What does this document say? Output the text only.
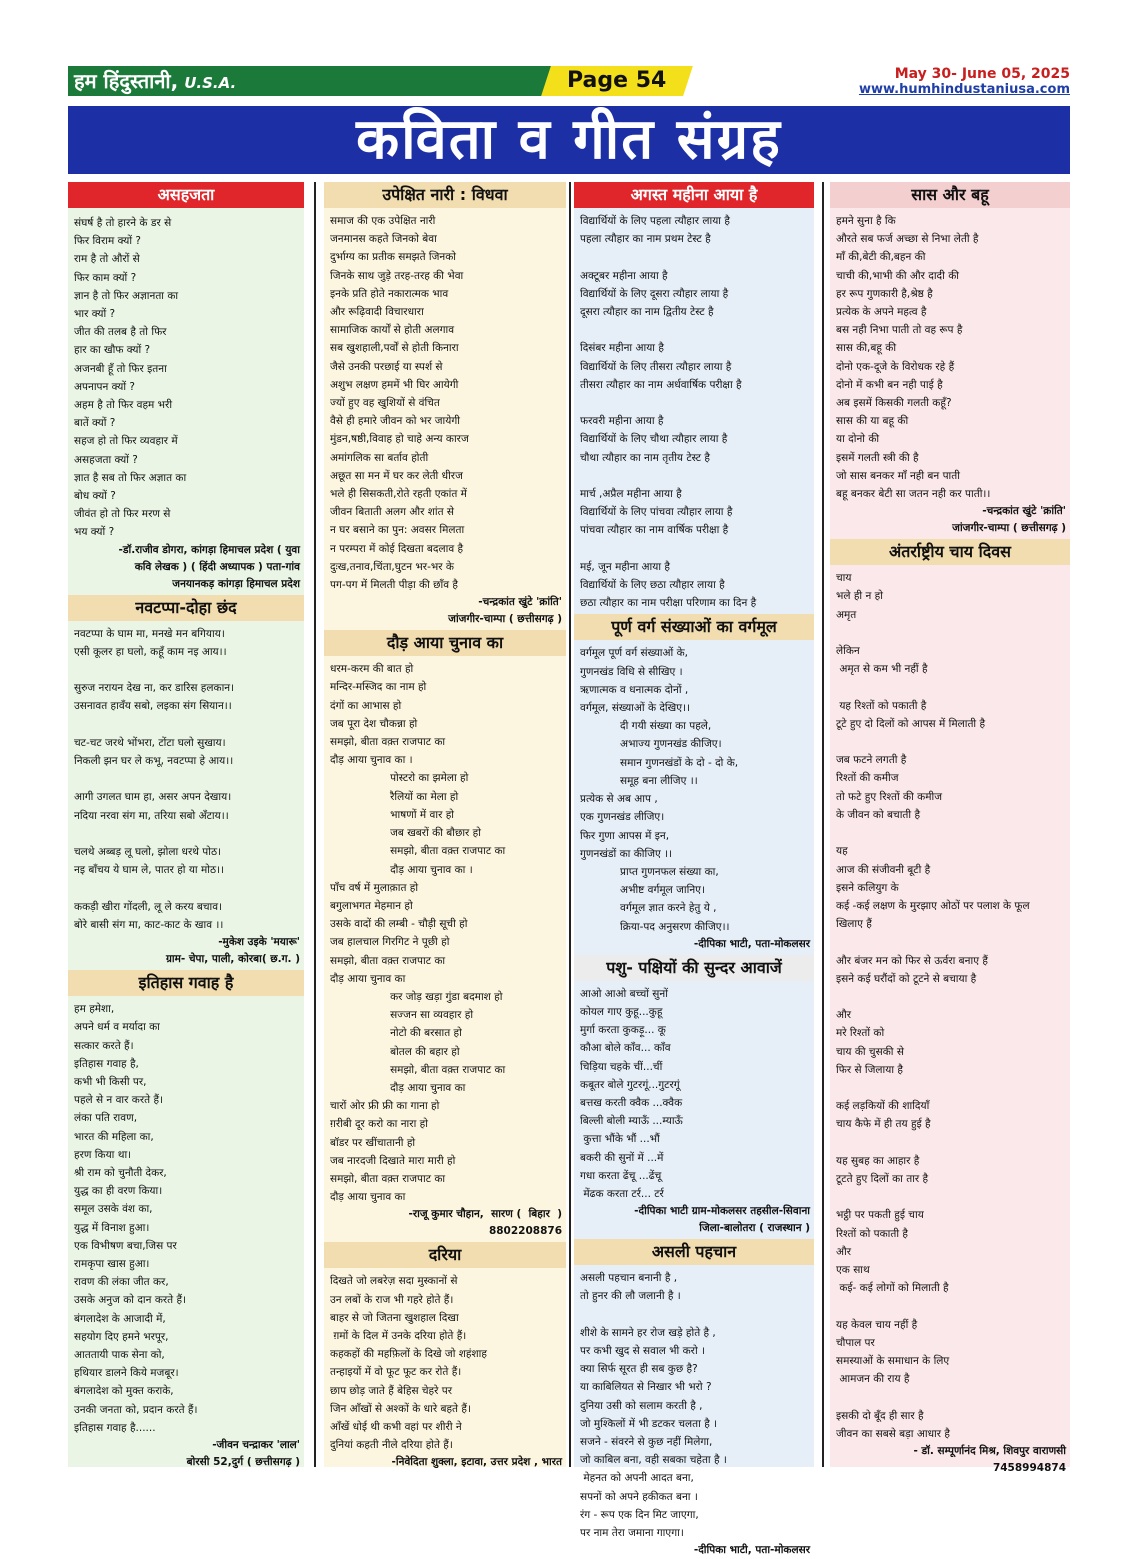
हम हिंदुस्तानी, U.S.A.	Page 54	May 30- June 05, 2025
www.humhindustaniusa.com
कविता व गीत संग्रह
असहजता
संघर्ष है तो हारने के डर से
फिर विराम क्यों ?
राम है तो औरों से
फिर काम क्यों ?
ज्ञान है तो फिर अज्ञानता का
भार क्यों ?
जीत की तलब है तो फिर
हार का खौफ क्यों ?
अजनबी हूँ तो फिर इतना
अपनापन क्यों ?
अहम है तो फिर वहम भरी
बातें क्यों ?
सहज हो तो फिर व्यवहार में
असहजता क्यों ?
ज्ञात है सब तो फिर अज्ञात का
बोध क्यों ?
जीवंत हो तो फिर मरण से
भय क्यों ?
-डॉ.राजीव डोगरा, कांगड़ा हिमाचल प्रदेश ( युवा
कवि लेखक ) ( हिंदी अध्यापक ) पता-गांव
जनयानकड़ कांगड़ा हिमाचल प्रदेश
नवटप्पा-दोहा छंद
नवटप्पा के घाम मा, मनखे मन बगियाय।
एसी कूलर हा घलो, कहूँ काम नइ आय।।

सुरुज नरायन देख ना, कर डारिस हलकान।
उसनावत हावँय सबो, लइका संग सियान।।

चट-चट जरथे भोंभरा, टोंटा घलो सुखाय।
निकली झन घर ले कभू, नवटप्पा हे आय।।

आगी उगलत घाम हा, असर अपन देखाय।
नदिया नरवा संग मा, तरिया सबो अँटाय।।

चलथे अब्बड़ लू घलो, झोला धरथे पोठ।
नइ बाँचय ये घाम ले, पातर हो या मोठ।।

ककड़ी खीरा गोंदली, लू ले करय बचाव।
बोरे बासी संग मा, काट-काट के खाव ।।
-मुकेश उइके 'मयारू'
ग्राम- चेपा, पाली, कोरबा( छ.ग. )
इतिहास गवाह है
हम हमेशा,
अपने धर्म व मर्यादा का
सत्कार करते हैं।
इतिहास गवाह है,
कभी भी किसी पर,
पहले से न वार करते हैं।
लंका पति रावण,
भारत की महिला का,
हरण किया था।
श्री राम को चुनौती देकर,
युद्ध का ही वरण किया।
समूल उसके वंश का,
युद्ध में विनाश हुआ।
एक विभीषण बचा,जिस पर
रामकृपा खास हुआ।
रावण की लंका जीत कर,
उसके अनुज को दान करते हैं।
बंगलादेश के आजादी में,
सहयोग दिए हमने भरपूर,
आततायी पाक सेना को,
हथियार डालने किये मजबूर।
बंगलादेश को मुक्त कराके,
उनकी जनता को, प्रदान करते हैं।
इतिहास गवाह है......
-जीवन चन्द्राकर 'लाल'
बोरसी 52,दुर्ग ( छत्तीसगढ़ )
उपेक्षित नारी : विधवा
समाज की एक उपेक्षित नारी
जनमानस कहते जिनको बेवा
दुर्भाग्य का प्रतीक समझते जिनको
जिनके साथ जुड़े तरह-तरह की भेवा
इनके प्रति होते नकारात्मक भाव
और रूढ़िवादी विचारधारा
सामाजिक कार्यों से होती अलगाव
सब खुशहाली,पर्वों से होती किनारा
जैसे उनकी परछाई या स्पर्श से
अशुभ लक्षण हममें भी घिर आयेगी
ज्यों हुए वह खुशियों से वंचित
वैसे ही हमारे जीवन को भर जायेगी
मुंडन,षष्ठी,विवाह हो चाहे अन्य कारज
अमांगलिक सा बर्ताव होती
अछूत सा मन में घर कर लेती धीरज
भले ही सिसकती,रोते रहती एकांत में
जीवन बिताती अलग और शांत से
न घर बसाने का पुन: अवसर मिलता
न परम्परा में कोई दिखता बदलाव है
दुःख,तनाव,चिंता,घुटन भर-भर के
पग-पग में मिलती पीड़ा की छाँव है
-चन्द्रकांत खुंटे 'क्रांति'
जांजगीर-चाम्पा ( छत्तीसगढ़ )
दौड़ आया चुनाव का
धरम-करम की बात हो
मन्दिर-मस्जिद का नाम हो
दंगों का आभास हो
जब पूरा देश चौकन्ना हो
समझो, बीता वक़्त राजपाट का
दौड़ आया चुनाव का ।
पोस्टरो का झमेला हो
रैलियों का मेला हो
भाषणों में वार हो
जब खबरों की बौछार हो
समझो, बीता वक़्त राजपाट का
दौड़ आया चुनाव का ।
पाँच वर्ष में मुलाक़ात हो
बगुलाभगत मेहमान हो
उसके वादों की लम्बी - चौड़ी सूची हो
जब हालचाल गिरगिट ने पूछी हो
समझो, बीता वक़्त राजपाट का
दौड़ आया चुनाव का
कर जोड़ खड़ा गुंडा बदमाश हो
सज्जन सा व्यवहार हो
नोटो की बरसात हो
बोतल की बहार हो
समझो, बीता वक़्त राजपाट का
दौड़ आया चुनाव का
चारों ओर फ्री फ्री का गाना हो
ग़रीबी दूर करो का नारा हो
बॉडर पर खींचातानी हो
जब नारदजी दिखाते मारा मारी हो
समझो, बीता वक़्त राजपाट का
दौड़ आया चुनाव का
-राजू कुमार चौहान,  सारण (  बिहार  )
8802208876
दरिया
दिखते जो लबरेज़ सदा मुस्कानों से
उन लबों के राज भी गहरे होते हैं।
बाहर से जो जितना खुशहाल दिखा
ग़मों के दिल में उनके दरिया होते हैं।
कहकहों की महफ़िलों के दिखे जो शहंशाह
तन्हाइयों में वो फूट फूट कर रोते हैं।
छाप छोड़ जाते हैं बेहिस चेहरे पर
जिन आँखों से अश्कों के धारे बहते हैं।
आँखें धोई थी कभी वहां पर शीरी ने
दुनियां कहती नीले दरिया होते हैं।
-निवेदिता शुक्ला, इटावा, उत्तर प्रदेश , भारत
अगस्त महीना आया है
विद्यार्थियों के लिए पहला त्यौहार लाया है
पहला त्यौहार का नाम प्रथम टेस्ट है

अक्टूबर महीना आया है
विद्यार्थियों के लिए दूसरा त्यौहार लाया है
दूसरा त्यौहार का नाम द्वितीय टेस्ट है

दिसंबर महीना आया है
विद्यार्थियों के लिए तीसरा त्यौहार लाया है
तीसरा त्यौहार का नाम अर्धवार्षिक परीक्षा है

फरवरी महीना आया है
विद्यार्थियों के लिए चौथा त्यौहार लाया है
चौथा त्यौहार का नाम तृतीय टेस्ट है

मार्च ,अप्रैल महीना आया है
विद्यार्थियों के लिए पांचवा त्यौहार लाया है
पांचवा त्यौहार का नाम वार्षिक परीक्षा है

मई, जून महीना आया है
विद्यार्थियों के लिए छठा त्यौहार लाया है
छठा त्यौहार का नाम परीक्षा परिणाम का दिन है
पूर्ण वर्ग संख्याओं का वर्गमूल
वर्गमूल पूर्ण वर्ग संख्याओं के,
गुणनखंड विधि से सीखिए ।
ऋणात्मक व धनात्मक दोनों ,
वर्गमूल, संख्याओं के देखिए।।
दी गयी संख्या का पहले,
अभाज्य गुणनखंड कीजिए।
समान गुणनखंडों के दो - दो के,
समूह बना लीजिए ।।
प्रत्येक से अब आप ,
एक गुणनखंड लीजिए।
फिर गुणा आपस में इन,
गुणनखंडों का कीजिए ।।
प्राप्त गुणनफल संख्या का,
अभीष्ट वर्गमूल जानिए।
वर्गमूल ज्ञात करने हेतु ये ,
क्रिया-पद अनुसरण कीजिए।।
-दीपिका भाटी, पता-मोकलसर
पशु- पक्षियों की सुन्दर आवाजें
आओ आओ बच्चों सुनों
कोयल गाए कुहू...कुहू
मुर्गा करता कुकड़ू... कू
कौआ बोले काँव... काँव
चिड़िया चहके चीं...चीं
कबूतर बोले गुटरगूं...गुटरगूं
बत्तख करती क्वैक ...क्वैक
बिल्ली बोली म्याऊँ ...म्याऊँ
कुत्ता भौंके भौं ...भौं
बकरी की सुनों में ...में
गधा करता ढेंचू ...ढेंचू
मेंढक करता टर्र... टर्र
-दीपिका भाटी ग्राम-मोकलसर तहसील-सिवाना
जिला-बालोतरा ( राजस्थान )
असली पहचान
असली पहचान बनानी है ,
तो हुनर की लौ जलानी है ।

शीशे के सामने हर रोज खड़े होते है ,
पर कभी खुद से सवाल भी करो ।
क्या सिर्फ सूरत ही सब कुछ है?
या काबिलियत से निखार भी भरो ?
दुनिया उसी को सलाम करती है ,
जो मुश्किलों में भी डटकर चलता है ।
सजने - संवरने से कुछ नहीं मिलेगा,
जो काबिल बना, वही सबका चहेता है ।
मेहनत को अपनी आदत बना,
सपनों को अपने हकीकत बना ।
रंग - रूप एक दिन मिट जाएगा,
पर नाम तेरा जमाना गाएगा।
-दीपिका भाटी, पता-मोकलसर
सास और बहू
हमने सुना है कि
औरते सब फर्ज अच्छा से निभा लेती है
माँ की,बेटी की,बहन की
चाची की,भाभी की और दादी की
हर रूप गुणकारी है,श्रेष्ठ है
प्रत्येक के अपने महत्व है
बस नही निभा पाती तो वह रूप है
सास की,बहू की
दोनो एक-दूजे के विरोधक रहे हैं
दोनो में कभी बन नही पाई है
अब इसमें किसकी गलती कहूँ?
सास की या बहू की
या दोनो की
इसमें गलती स्त्री की है
जो सास बनकर माँ नही बन पाती
बहू बनकर बेटी सा जतन नही कर पाती।।
-चन्द्रकांत खुंटे 'क्रांति'
जांजगीर-चाम्पा ( छत्तीसगढ़ )
अंतर्राष्ट्रीय चाय दिवस
चाय
भले ही न हो
अमृत

लेकिन
अमृत से कम भी नहीं है

यह रिश्तों को पकाती है
टूटे हुए दो दिलों को आपस में मिलाती है

जब फटने लगती है
रिश्तों की कमीज
तो फटे हुए रिश्तों की कमीज
के जीवन को बचाती है

यह
आज की संजीवनी बूटी है
इसने कलियुग के
कई -कई लक्षण के मुरझाए ओठों पर पलाश के फूल
खिलाए हैं

और बंजर मन को फिर से ऊर्वरा बनाए हैं
इसने कई घरौंदों को टूटने से बचाया है

और
मरे रिश्तों को
चाय की चुसकी से
फिर से जिलाया है

कई लड़कियों की शादियाँ
चाय कैफे में ही तय हुई है

यह सुबह का आहार है
टूटते हुए दिलों का तार है

भट्ठी पर पकती हुई चाय
रिश्तों को पकाती है
और
एक साथ
कई- कई लोगों को मिलाती है

यह केवल चाय नहीं है
चौपाल पर
समस्याओं के समाधान के लिए
आमजन की राय है

इसकी दो बूँद ही सार है
जीवन का सबसे बड़ा आधार है
- डॉ. सम्पूर्णानंद मिश्र, शिवपुर वाराणसी
7458994874
